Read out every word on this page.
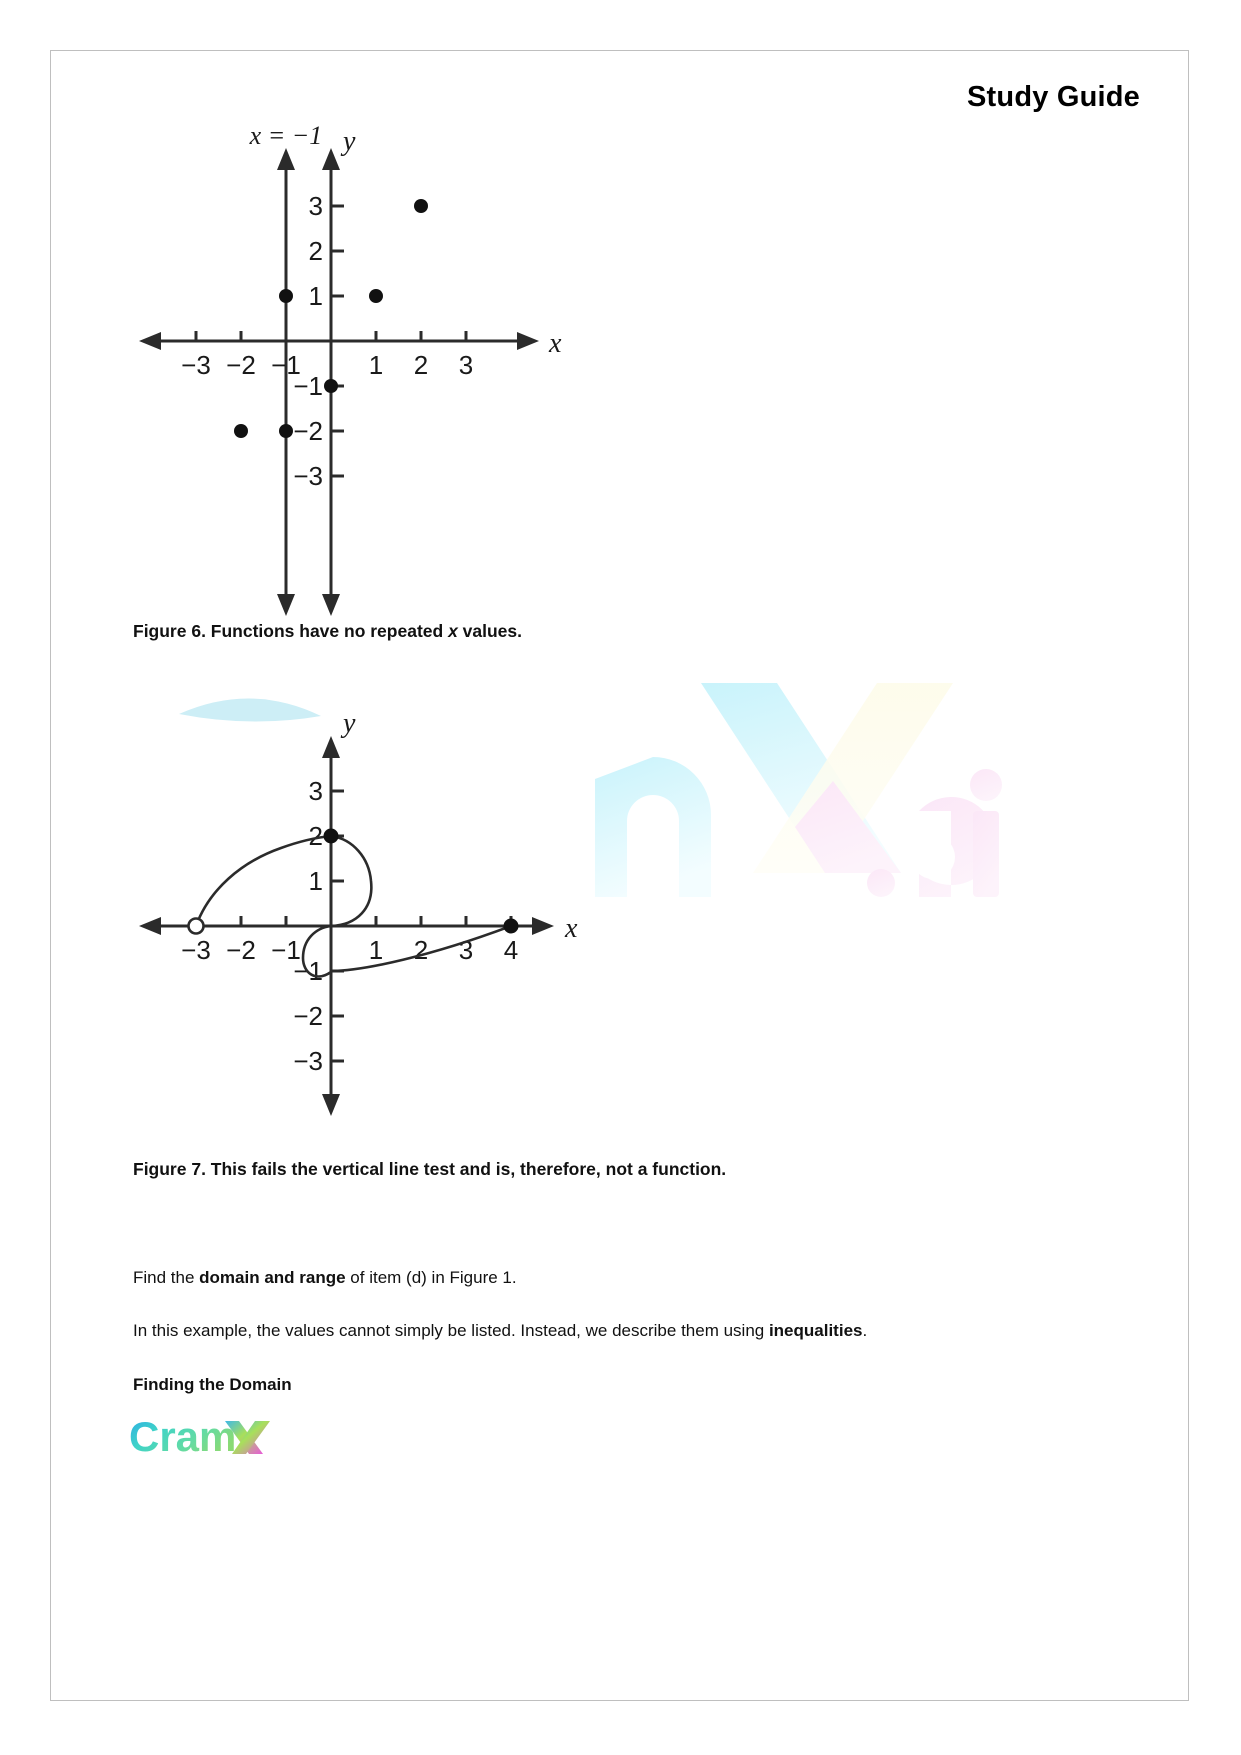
Study Guide
−3 −2 −1	1 2 3
3
2
1
−1
−2
−3
y
x
x = −1
Figure 6. Functions have no repeated x values.
−3 −2 −1	1 2 3 4
3
2
1
−1
−2
−3
y
x
Figure 7. This fails the vertical line test and is, therefore, not a function.
Find the domain and range of item (d) in Figure 1.
In this example, the values cannot simply be listed. Instead, we describe them using inequalities.
Finding the Domain
Cram
